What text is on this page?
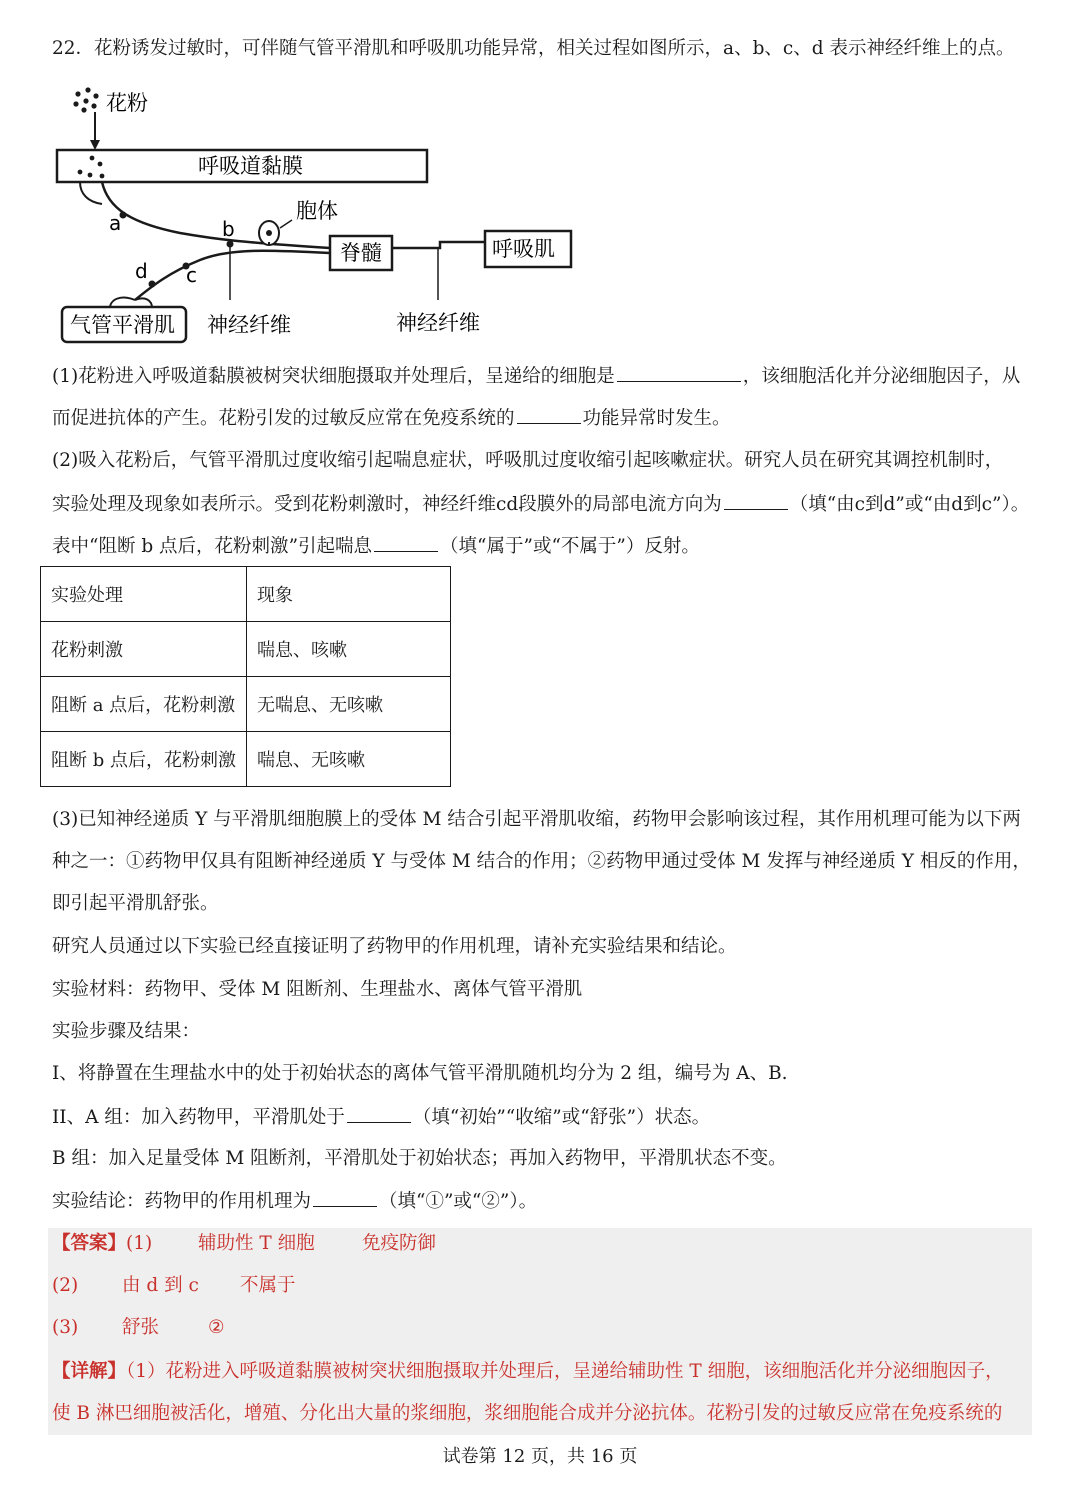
22．花粉诱发过敏时，可伴随气管平滑肌和呼吸肌功能异常，相关过程如图所示，a、b、c、d 表示神经纤维上的点。
花粉
呼吸道黏膜
胞体
脊髓	呼吸肌
a	b
c
d
气管平滑肌 神经纤维	神经纤维
(1)花粉进入呼吸道黏膜被树突状细胞摄取并处理后，呈递给的细胞是	，该细胞活化并分泌细胞因子，从
而促进抗体的产生。花粉引发的过敏反应常在免疫系统的	功能异常时发生。
(2)吸入花粉后，气管平滑肌过度收缩引起喘息症状，呼吸肌过度收缩引起咳嗽症状。研究人员在研究其调控机制时，
实验处理及现象如表所示。受到花粉刺激时，神经纤维cd段膜外的局部电流方向为	（填“由c到d”或“由d到c”）。
表中“阻断 b 点后，花粉刺激”引起喘息	（填“属于”或“不属于”）反射。
实验处理	现象
花粉刺激	喘息、咳嗽
阻断 a 点后，花粉刺激	无喘息、无咳嗽
阻断 b 点后，花粉刺激	喘息、无咳嗽
(3)已知神经递质 Y 与平滑肌细胞膜上的受体 M 结合引起平滑肌收缩，药物甲会影响该过程，其作用机理可能为以下两
种之一：①药物甲仅具有阻断神经递质 Y 与受体 M 结合的作用；②药物甲通过受体 M 发挥与神经递质 Y 相反的作用，
即引起平滑肌舒张。
研究人员通过以下实验已经直接证明了药物甲的作用机理，请补充实验结果和结论。
实验材料：药物甲、受体 M 阻断剂、生理盐水、离体气管平滑肌
实验步骤及结果：
I、将静置在生理盐水中的处于初始状态的离体气管平滑肌随机均分为 2 组，编号为 A、B.
II、A 组：加入药物甲，平滑肌处于	（填“初始”“收缩”或“舒张”）状态。
B 组：加入足量受体 M 阻断剂，平滑肌处于初始状态；再加入药物甲，平滑肌状态不变。
实验结论：药物甲的作用机理为	（填“①”或“②”）。
【答案】(1) 辅助性 T 细胞	免疫防御
(2) 由 d 到 c 不属于
(3) 舒张	②
【详解】（1）花粉进入呼吸道黏膜被树突状细胞摄取并处理后，呈递给辅助性 T 细胞，该细胞活化并分泌细胞因子，
使 B 淋巴细胞被活化，增殖、分化出大量的浆细胞，浆细胞能合成并分泌抗体。花粉引发的过敏反应常在免疫系统的
试卷第 12 页，共 16 页
